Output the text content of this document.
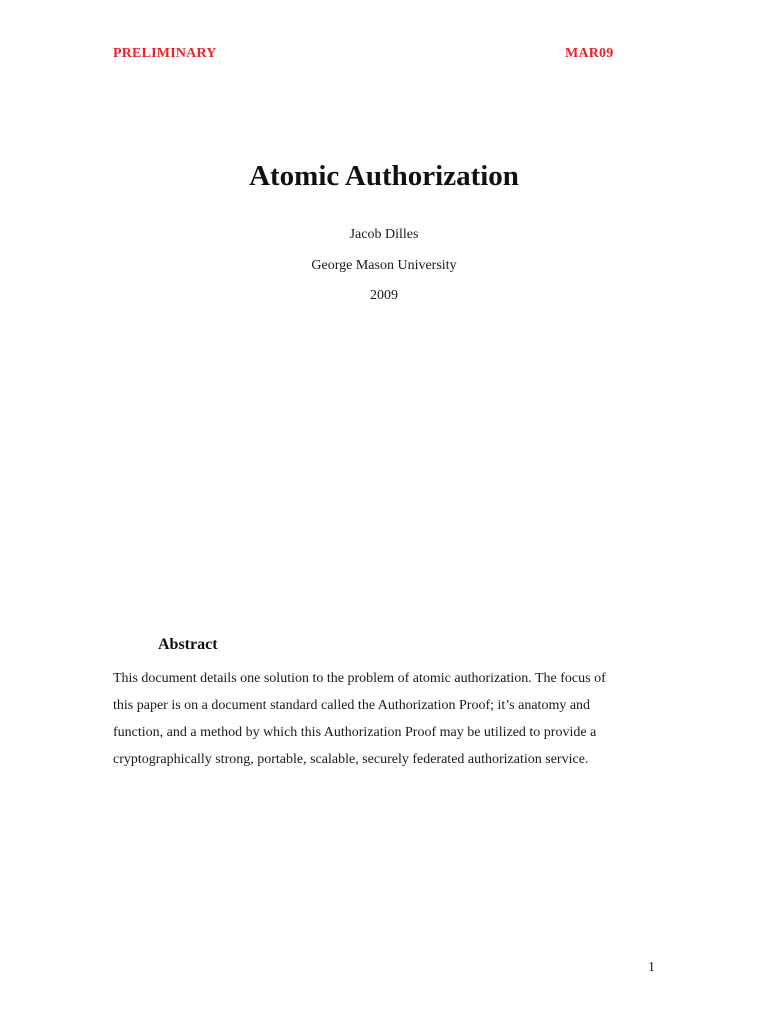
PRELIMINARY	MAR09
Atomic Authorization
Jacob Dilles
George Mason University
2009
Abstract

This document details one solution to the problem of atomic authorization. The focus of
this paper is on a document standard called the Authorization Proof; it’s anatomy and
function, and a method by which this Authorization Proof may be utilized to provide a
cryptographically strong, portable, scalable, securely federated authorization service.

1
